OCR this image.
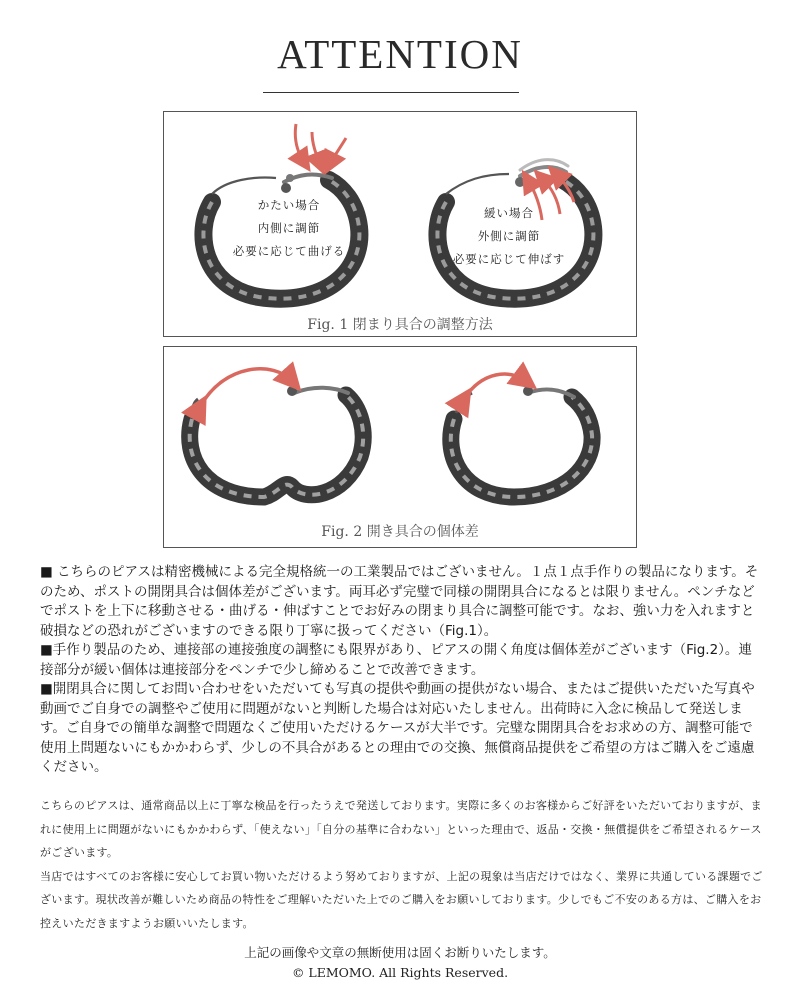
ATTENTION
かたい場合
内側に調節
必要に応じて曲げる
緩い場合
外側に調節
必要に応じて伸ばす
Fig. 1 閉まり具合の調整方法
Fig. 2 開き具合の個体差

■ こちらのピアスは精密機械による完全規格統一の工業製品ではございません。１点１点手作りの製品になります。そのため、ポストの開閉具合は個体差がございます。両耳必ず完璧で同様の開閉具合になるとは限りません。ペンチなどでポストを上下に移動させる・曲げる・伸ばすことでお好みの閉まり具合に調整可能です。なお、強い力を入れますと破損などの恐れがございますのできる限り丁寧に扱ってください（Fig.1）。

■手作り製品のため、連接部の連接強度の調整にも限界があり、ピアスの開く角度は個体差がございます（Fig.2）。連接部分が緩い個体は連接部分をペンチで少し締めることで改善できます。

■開閉具合に関してお問い合わせをいただいても写真の提供や動画の提供がない場合、またはご提供いただいた写真や動画でご自身での調整やご使用に問題がないと判断した場合は対応いたしません。出荷時に入念に検品して発送します。ご自身での簡単な調整で問題なくご使用いただけるケースが大半です。完璧な開閉具合をお求めの方、調整可能で使用上問題ないにもかかわらず、少しの不具合があるとの理由での交換、無償商品提供をご希望の方はご購入をご遠慮ください。

こちらのピアスは、通常商品以上に丁寧な検品を行ったうえで発送しております。実際に多くのお客様からご好評をいただいておりますが、まれに使用上に問題がないにもかかわらず、「使えない」「自分の基準に合わない」といった理由で、返品・交換・無償提供をご希望されるケースがございます。

当店ではすべてのお客様に安心してお買い物いただけるよう努めておりますが、上記の現象は当店だけではなく、業界に共通している課題でございます。現状改善が難しいため商品の特性をご理解いただいた上でのご購入をお願いしております。少しでもご不安のある方は、ご購入をお控えいただきますようお願いいたします。

上記の画像や文章の無断使用は固くお断りいたします。
© LEMOMO. All Rights Reserved.
